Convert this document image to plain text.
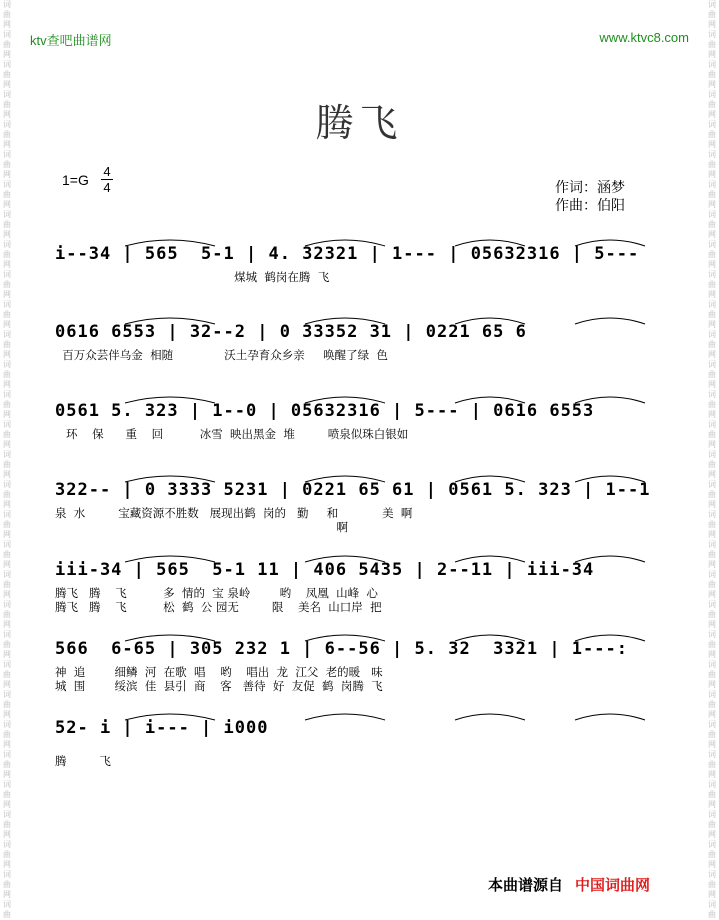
词
曲
网
词
曲
网
词
曲
网
词
曲
网
词
曲
网
词
曲
网
词
曲
网
词
曲
网
词
曲
网
词
曲
网
词
曲
网
词
曲
网
词
曲
网
词
曲
网
词
曲
网
词
曲
网
词
曲
网
词
曲
网
词
曲
网
词
曲
网
词
曲
网
词
曲
网
词
曲
网
词
曲
网
词
曲
网
词
曲
网
词
曲
网
词
曲
网
词
曲
网
词
曲
网
词
曲

词
曲
网
词
曲
网
词
曲
网
词
曲
网
词
曲
网
词
曲
网
词
曲
网
词
曲
网
词
曲
网
词
曲
网
词
曲
网
词
曲
网
词
曲
网
词
曲
网
词
曲
网
词
曲
网
词
曲
网
词
曲
网
词
曲
网
词
曲
网
词
曲
网
词
曲
网
词
曲
网
词
曲
网
词
曲
网
词
曲
网
词
曲
网
词
曲
网
词
曲
网
词
曲
网
词
曲

ktv查吧曲谱网	www.ktvc8.com
腾飞
1=G
4
4	作词：涵梦
作曲：伯阳
i--34 | 565  5-1 | 4. 32321 | 1--- | 05632316 | 5---
煤城  鹤岗在腾  飞
0616 6553 | 32--2 | 0 33352 31 | 0221 65 6
百万众芸伴乌金  相随              沃土孕育众乡亲     唤醒了绿  色
0561 5. 323 | 1--0 | 05632316 | 5--- | 0616 6553
环    保      重    回          冰雪  映出黑金  堆         喷泉似珠白银如
322-- | 0 3333 5231 | 0221 65 61 | 0561 5. 323 | 1--1
泉  水         宝藏资源不胜数   展现出鹤  岗的   勤     和            美  啊
啊
iii-34 | 565  5-1 11 | 406 5435 | 2--11 | iii-34
腾飞   腾    飞          多  情的  宝 泉岭        哟    凤凰  山峰  心
腾飞   腾    飞          松  鹤  公 园无         限    美名  山口岸  把
566  6-65 | 305 232 1 | 6--56 | 5. 32  3321 | 1---:
神  追        细鳞  河  在歌  唱    哟    唱出  龙  江父  老的暖   味
城  围        绥滨  佳  县引  商    客   善待  好  友促  鹤  岗腾  飞
52- i | i--- | i000
腾         飞
本曲谱源自 中国词曲网
